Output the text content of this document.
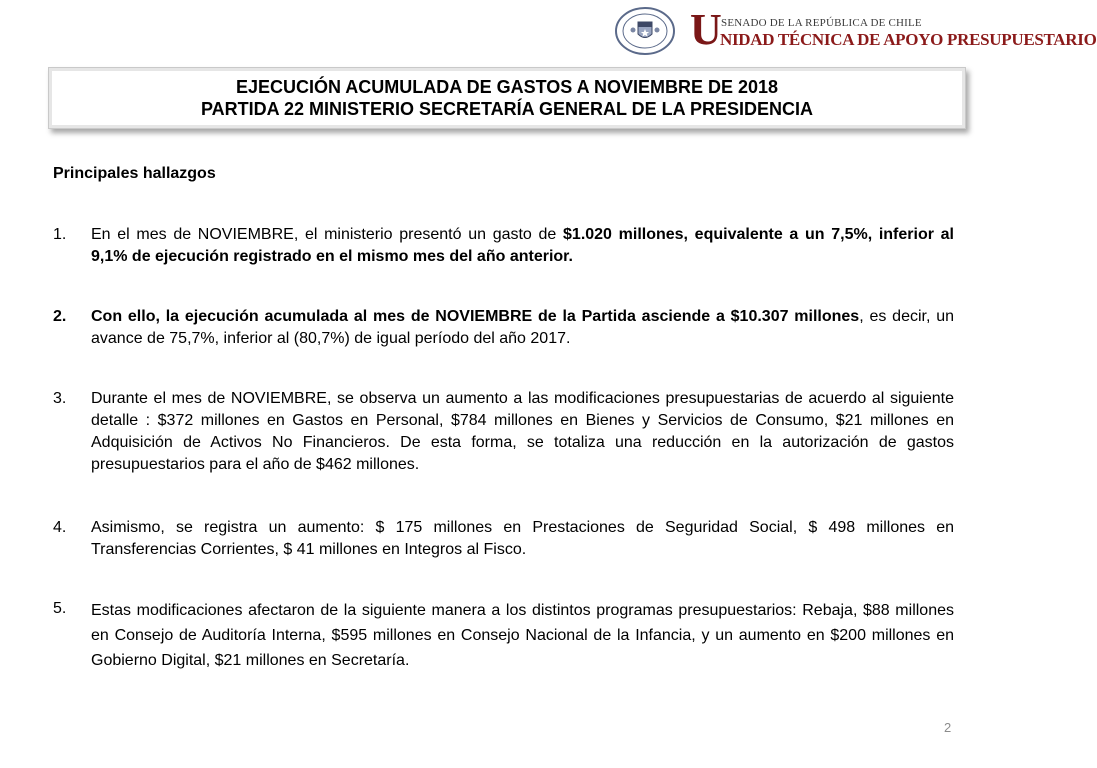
U SENADO DE LA REPÚBLICA DE CHILE
NIDAD TÉCNICA DE APOYO PRESUPUESTARIO
EJECUCIÓN ACUMULADA DE GASTOS A NOVIEMBRE DE 2018
PARTIDA 22 MINISTERIO SECRETARÍA GENERAL DE LA PRESIDENCIA
Principales hallazgos
1.	En el mes de NOVIEMBRE, el ministerio presentó un gasto de $1.020 millones, equivalente a un 7,5%, inferior al 9,1% de ejecución registrado en el mismo mes del año anterior.
2.	Con ello, la ejecución acumulada al mes de NOVIEMBRE de la Partida asciende a $10.307 millones, es decir, un avance de 75,7%, inferior al (80,7%) de igual período del año 2017.
3.	Durante el mes de NOVIEMBRE, se observa un aumento a las modificaciones presupuestarias de acuerdo al siguiente detalle : $372 millones en Gastos en Personal, $784 millones en Bienes y Servicios de Consumo, $21 millones en Adquisición de Activos No Financieros. De esta forma, se totaliza una reducción en la autorización de gastos presupuestarios para el año de $462 millones.
4.	Asimismo, se registra un aumento: $ 175 millones en Prestaciones de Seguridad Social, $ 498 millones en Transferencias Corrientes, $ 41 millones en Integros al Fisco.
5.	Estas modificaciones afectaron de la siguiente manera a los distintos programas presupuestarios: Rebaja, $88 millones en Consejo de Auditoría Interna, $595 millones en Consejo Nacional de la Infancia, y un aumento en $200 millones en Gobierno Digital, $21 millones en Secretaría.
2
